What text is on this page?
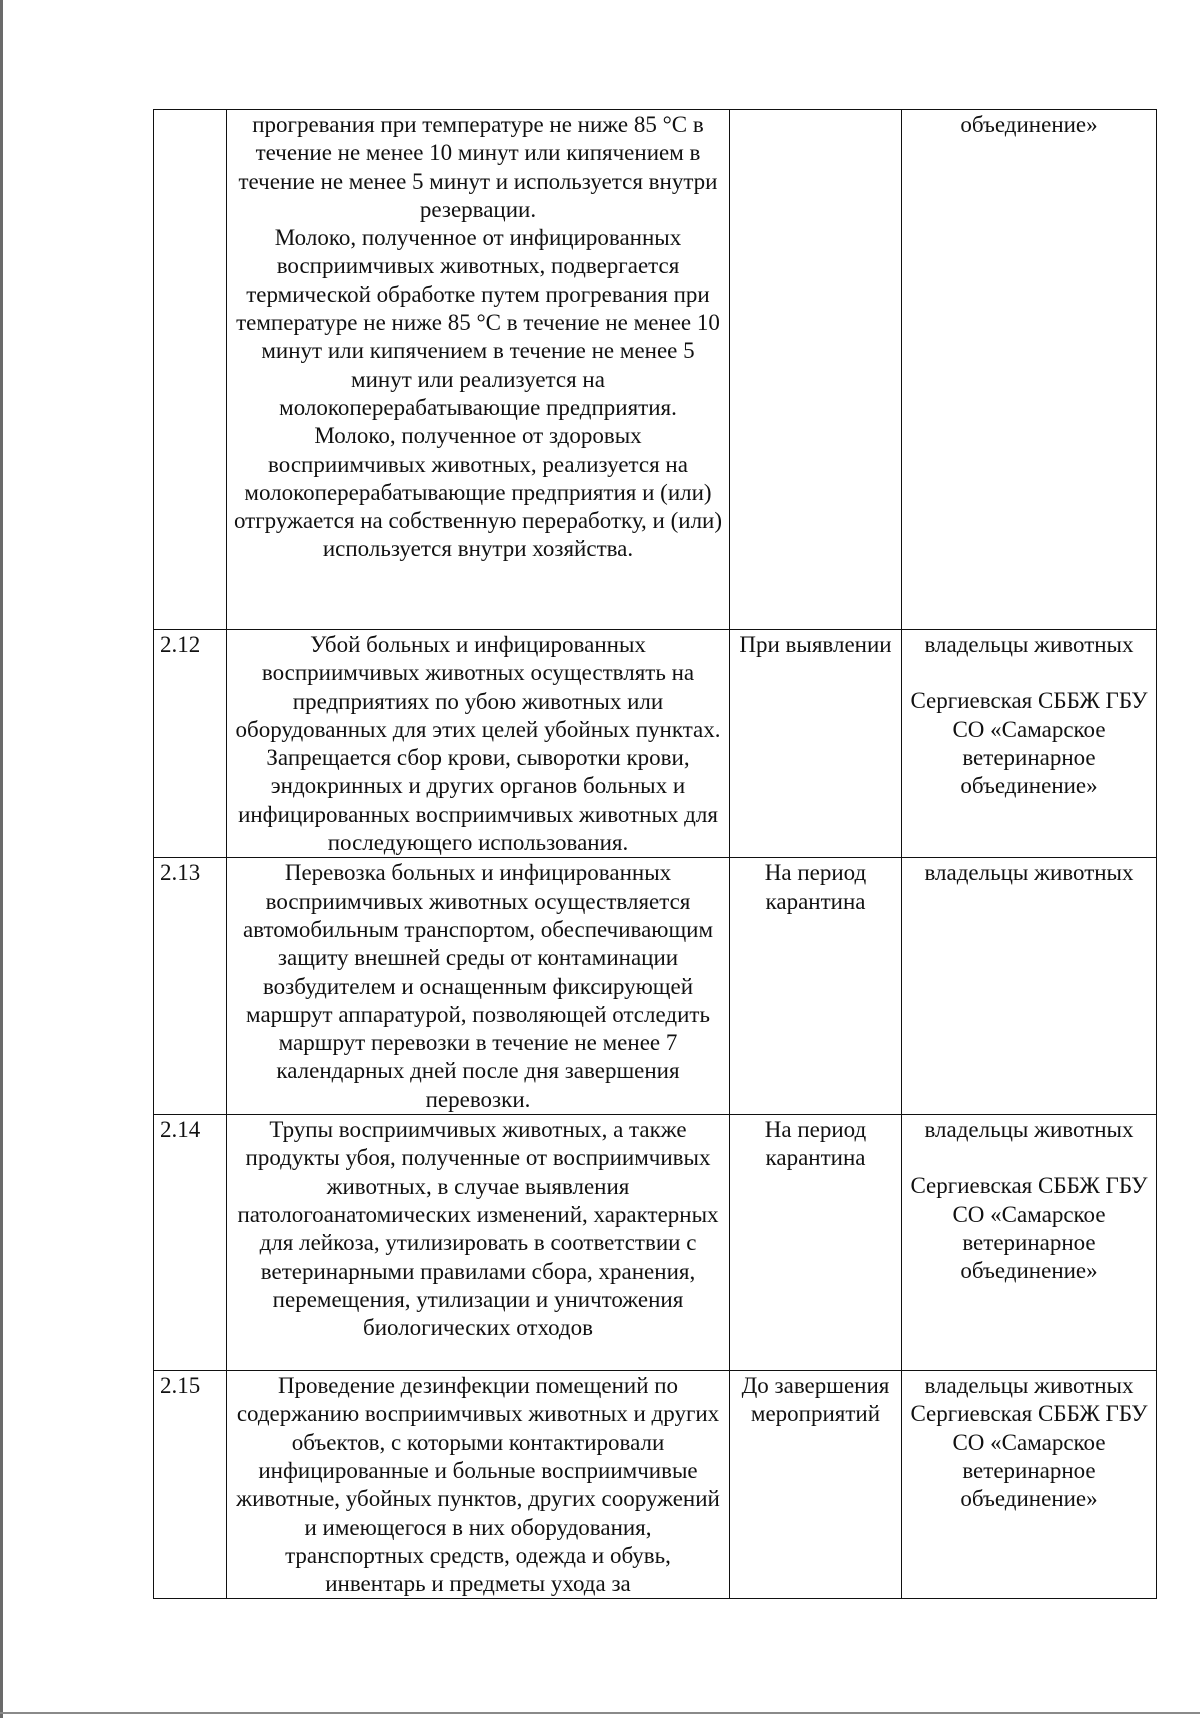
	прогревания при температуре не ниже 85 °С в течение не менее 10 минут или кипячением в течение не менее 5 минут и используется внутри резервации.
Молоко, полученное от инфицированных восприимчивых животных, подвергается термической обработке путем прогревания при температуре не ниже 85 °С в течение не менее 10 минут или кипячением в течение не менее 5 минут или реализуется на молокоперерабатывающие предприятия.
Молоко, полученное от здоровых восприимчивых животных, реализуется на молокоперерабатывающие предприятия и (или) отгружается на собственную переработку, и (или) используется внутри хозяйства.		объединение»

2.12	Убой больных и инфицированных восприимчивых животных осуществлять на предприятиях по убою животных или оборудованных для этих целей убойных пунктах. Запрещается сбор крови, сыворотки крови, эндокринных и других органов больных и инфицированных восприимчивых животных для последующего использования.	При выявлении	владельцы животных
Сергиевская СББЖ ГБУ СО «Самарское ветеринарное объединение»

2.13	Перевозка больных и инфицированных восприимчивых животных осуществляется автомобильным транспортом, обеспечивающим защиту внешней среды от контаминации возбудителем и оснащенным фиксирующей маршрут аппаратурой, позволяющей отследить маршрут перевозки в течение не менее 7 календарных дней после дня завершения перевозки.	На период карантина	владельцы животных

2.14	Трупы восприимчивых животных, а также продукты убоя, полученные от восприимчивых животных, в случае выявления патологоанатомических изменений, характерных для лейкоза, утилизировать в соответствии с ветеринарными правилами сбора, хранения, перемещения, утилизации и уничтожения биологических отходов	На период карантина	владельцы животных
Сергиевская СББЖ ГБУ СО «Самарское ветеринарное объединение»

2.15	Проведение дезинфекции помещений по содержанию восприимчивых животных и других объектов, с которыми контактировали инфицированные и больные восприимчивые животные, убойных пунктов, других сооружений и имеющегося в них оборудования, транспортных средств, одежда и обувь, инвентарь и предметы ухода за	До завершения мероприятий	владельцы животных Сергиевская СББЖ ГБУ СО «Самарское ветеринарное объединение»
